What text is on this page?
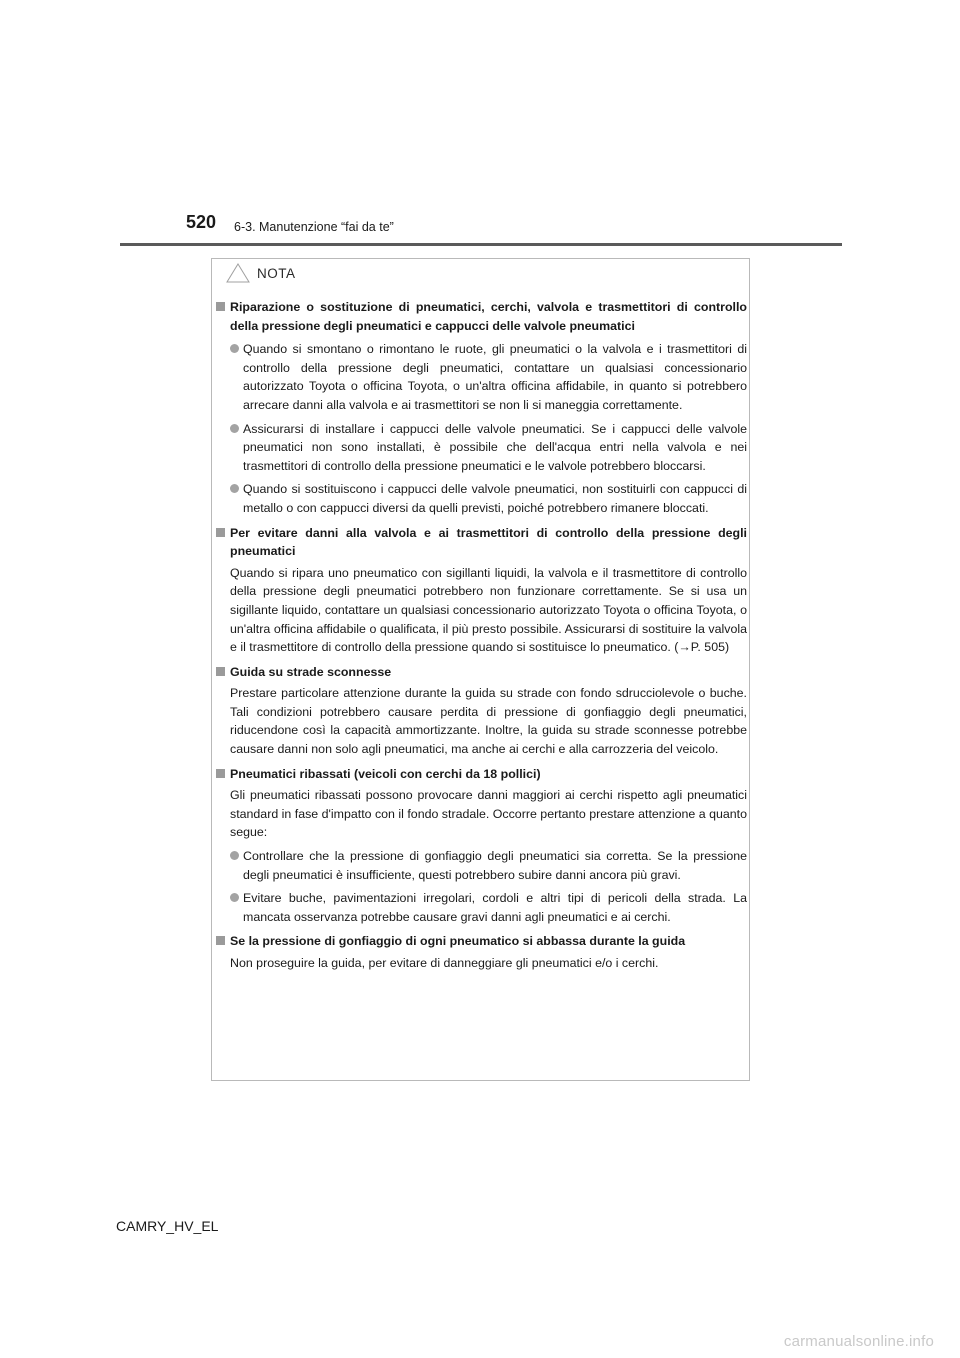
520 6-3. Manutenzione “fai da te”
NOTA
Riparazione o sostituzione di pneumatici, cerchi, valvola e trasmettitori di controllo della pressione degli pneumatici e cappucci delle valvole pneumatici
Quando si smontano o rimontano le ruote, gli pneumatici o la valvola e i trasmettitori di controllo della pressione degli pneumatici, contattare un qualsiasi concessionario autorizzato Toyota o officina Toyota, o un'altra officina affidabile, in quanto si potrebbero arrecare danni alla valvola e ai trasmettitori se non li si maneggia correttamente.
Assicurarsi di installare i cappucci delle valvole pneumatici. Se i cappucci delle valvole pneumatici non sono installati, è possibile che dell'acqua entri nella valvola e nei trasmettitori di controllo della pressione pneumatici e le valvole potrebbero bloccarsi.
Quando si sostituiscono i cappucci delle valvole pneumatici, non sostituirli con cappucci di metallo o con cappucci diversi da quelli previsti, poiché potrebbero rimanere bloccati.
Per evitare danni alla valvola e ai trasmettitori di controllo della pressione degli pneumatici
Quando si ripara uno pneumatico con sigillanti liquidi, la valvola e il trasmettitore di controllo della pressione degli pneumatici potrebbero non funzionare correttamente. Se si usa un sigillante liquido, contattare un qualsiasi concessionario autorizzato Toyota o officina Toyota, o un'altra officina affidabile o qualificata, il più presto possibile. Assicurarsi di sostituire la valvola e il trasmettitore di controllo della pressione quando si sostituisce lo pneumatico. (→P. 505)
Guida su strade sconnesse
Prestare particolare attenzione durante la guida su strade con fondo sdrucciolevole o buche. Tali condizioni potrebbero causare perdita di pressione di gonfiaggio degli pneumatici, riducendone così la capacità ammortizzante. Inoltre, la guida su strade sconnesse potrebbe causare danni non solo agli pneumatici, ma anche ai cerchi e alla carrozzeria del veicolo.
Pneumatici ribassati (veicoli con cerchi da 18 pollici)
Gli pneumatici ribassati possono provocare danni maggiori ai cerchi rispetto agli pneumatici standard in fase d'impatto con il fondo stradale. Occorre pertanto prestare attenzione a quanto segue:
Controllare che la pressione di gonfiaggio degli pneumatici sia corretta. Se la pressione degli pneumatici è insufficiente, questi potrebbero subire danni ancora più gravi.
Evitare buche, pavimentazioni irregolari, cordoli e altri tipi di pericoli della strada. La mancata osservanza potrebbe causare gravi danni agli pneumatici e ai cerchi.
Se la pressione di gonfiaggio di ogni pneumatico si abbassa durante la guida
Non proseguire la guida, per evitare di danneggiare gli pneumatici e/o i cerchi.
CAMRY_HV_EL
carmanualsonline.info
